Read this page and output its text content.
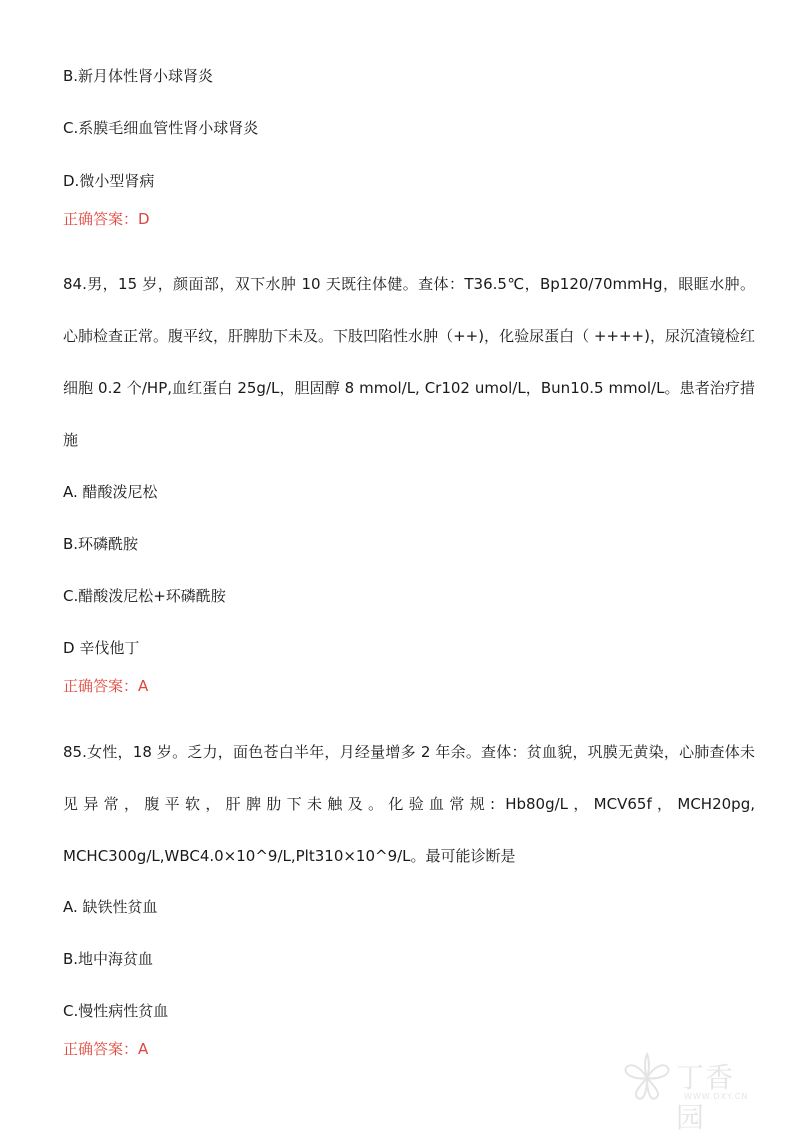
B.新月体性肾小球肾炎
C.系膜毛细血管性肾小球肾炎
D.微小型肾病
正确答案：D
84.男，15 岁，颜面部，双下水肿 10 天既往体健。查体：T36.5℃，Bp120/70mmHg，眼眶水肿。心肺检查正常。腹平纹，肝脾肋下未及。下肢凹陷性水肿（++)，化验尿蛋白（ ++++)，尿沉渣镜检红细胞 0.2 个/HP,血红蛋白 25g/L，胆固醇 8 mmol/L, Cr102 umol/L，Bun10.5 mmol/L。患者治疗措施
A. 醋酸泼尼松
B.环磷酰胺
C.醋酸泼尼松+环磷酰胺
D 辛伐他丁
正确答案：A
85.女性，18 岁。乏力，面色苍白半年，月经量增多 2 年余。查体：贫血貌，巩膜无黄染，心肺查体未见异常，腹平软，肝脾肋下未触及。化验血常规: Hb80g/L，MCV65f，MCH20pg, MCHC300g/L,WBC4.0×10^9/L,Plt310×10^9/L。最可能诊断是
A. 缺铁性贫血
B.地中海贫血
C.慢性病性贫血
正确答案：A
丁香园
WWW.DXY.CN
